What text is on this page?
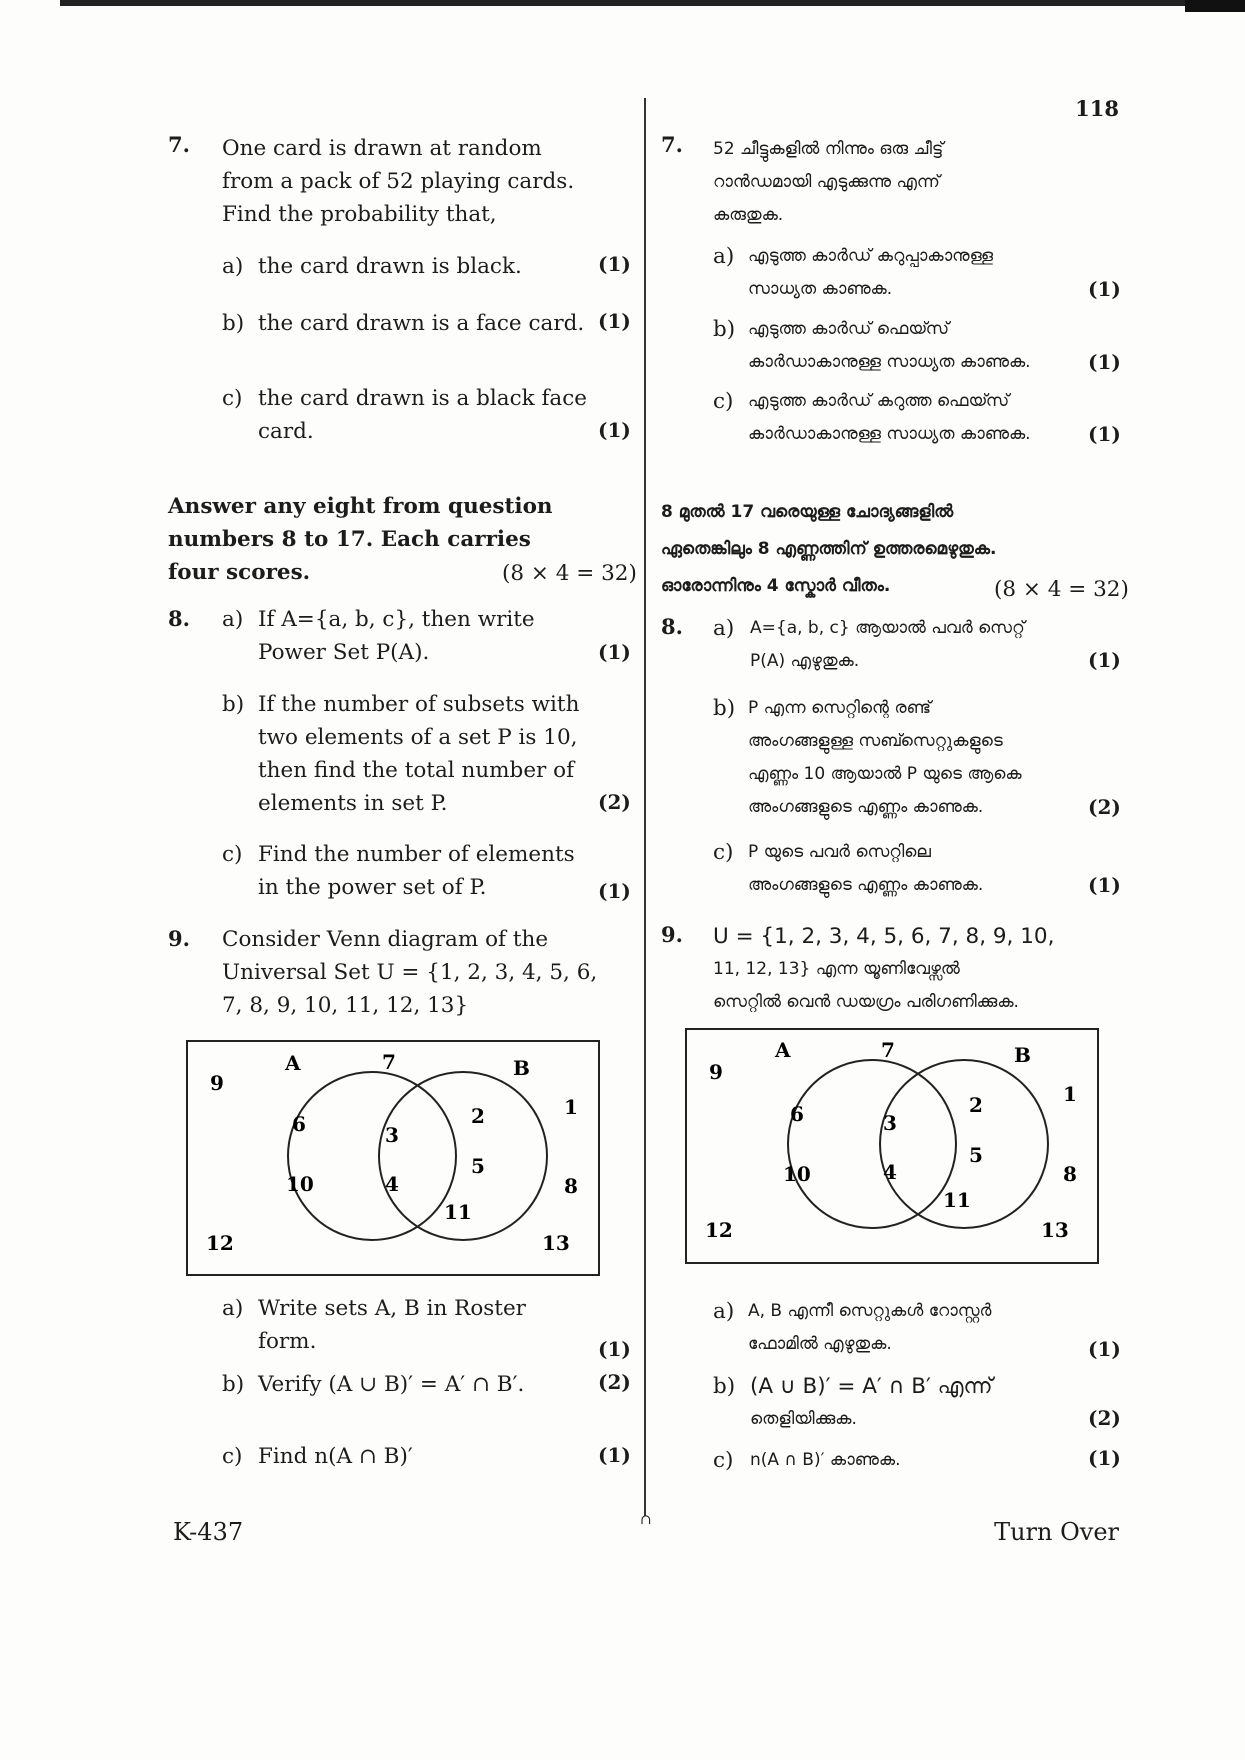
118
7. One card is drawn at random
from a pack of 52 playing cards.
Find the probability that,
a) the card drawn is black.	(1)
b) the card drawn is a face card. (1)
c) the card drawn is a black face
card.	(1)
Answer any eight from question
numbers 8 to 17. Each carries
four scores.	(8 × 4 = 32)
8. a) If A={a, b, c}, then write
Power Set P(A).	(1)
b) If the number of subsets with
two elements of a set P is 10,
then find the total number of
elements in set P.	(2)
c) Find the number of elements
in the power set of P.	(1)
9. Consider Venn diagram of the
Universal Set U = {1, 2, 3, 4, 5, 6,
7, 8, 9, 10, 11, 12, 13}
A	B
6
10
3
4
2
5
11
9
7
1
8
12	13
a) Write sets A, B in Roster
form.	(1)
b) Verify (A ∪ B)′ = A′ ∩ B′.	(2)
c) Find n(A ∩ B)′	(1)
7. 52 ചീട്ടുകളിൽ നിന്നും ഒരു ചീട്ട്
റാൻഡമായി എടുക്കുന്നു എന്ന്
കരുതുക.
a) എടുത്ത കാർഡ് കറുപ്പാകാനുള്ള
സാധ്യത കാണുക.	(1)
b) എടുത്ത കാർഡ് ഫെയ്സ്
കാർഡാകാനുള്ള സാധ്യത കാണുക.	(1)
c) എടുത്ത കാർഡ് കറുത്ത ഫെയ്സ്
കാർഡാകാനുള്ള സാധ്യത കാണുക.	(1)
8 മുതൽ 17 വരെയുള്ള ചോദ്യങ്ങളിൽ
ഏതെങ്കിലും 8 എണ്ണത്തിന് ഉത്തരമെഴുതുക.
ഓരോന്നിനും 4 സ്കോർ വീതം.	(8 × 4 = 32)
8. a) A={a, b, c} ആയാൽ പവർ സെറ്റ്
P(A) എഴുതുക.	(1)
b) P എന്ന സെറ്റിന്റെ രണ്ട്
അംഗങ്ങളുള്ള സബ്സെറ്റുകളുടെ
എണ്ണം 10 ആയാൽ P യുടെ ആകെ
അംഗങ്ങളുടെ എണ്ണം കാണുക.	(2)
c) P യുടെ പവർ സെറ്റിലെ
അംഗങ്ങളുടെ എണ്ണം കാണുക.	(1)
9. U = {1, 2, 3, 4, 5, 6, 7, 8, 9, 10,
11, 12, 13} എന്ന യൂണിവേഴ്സൽ
സെറ്റിൽ വെൻ ഡയഗ്രം പരിഗണിക്കുക.
A	B
6
10
3
4
2
5
11
9
7
1
8
12	13
a) A, B എന്നീ സെറ്റുകൾ റോസ്റ്റർ
ഫോമിൽ എഴുതുക.	(1)
b) (A ∪ B)′ = A′ ∩ B′ എന്ന്
തെളിയിക്കുക.	(2)
c) n(A ∩ B)′ കാണുക.	(1)
K-437	∩	Turn Over
